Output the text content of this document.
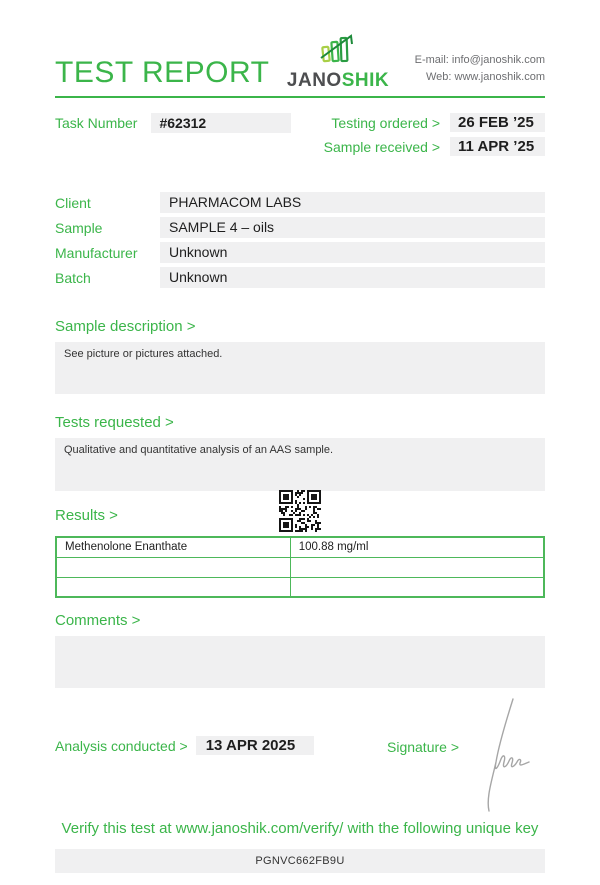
TEST REPORT JANOSHIK
E-mail: info@janoshik.com
Web: www.janoshik.com
Task Number	#62312	Testing ordered >	26 FEB ’25
Sample received >	11 APR ’25
Client	PHARMACOM LABS
Sample	SAMPLE 4 – oils
Manufacturer	Unknown
Batch	Unknown
Sample description >
See picture or pictures attached.
Tests requested >
Qualitative and quantitative analysis of an AAS sample.
Results >
Methenolone Enanthate	100.88 mg/ml

Comments >
Analysis conducted >	13 APR 2025	Signature >
Verify this test at www.janoshik.com/verify/ with the following unique key
PGNVC662FB9U
